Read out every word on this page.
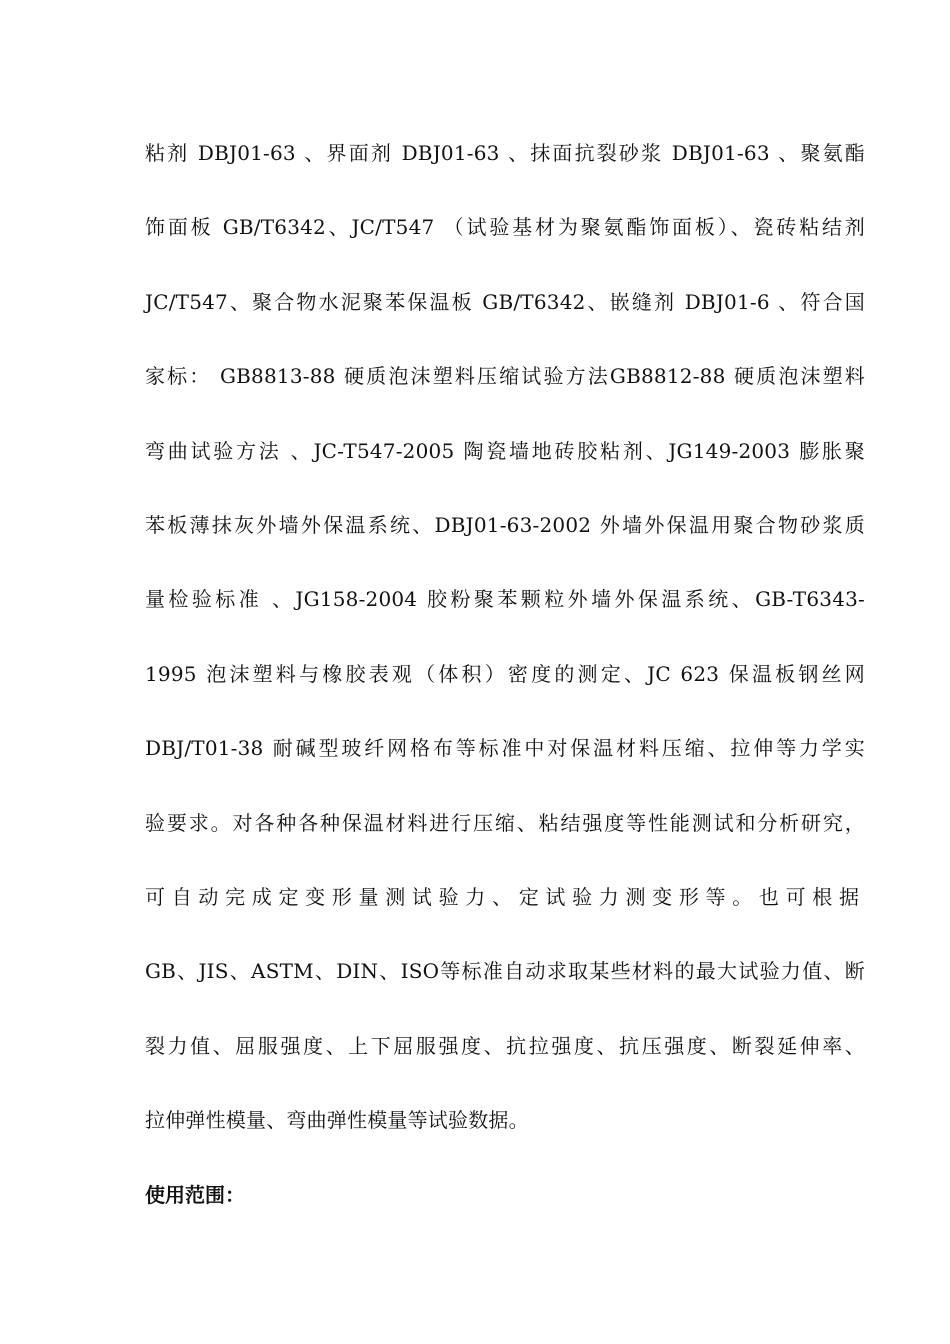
粘剂 DBJ01-63 、界面剂 DBJ01-63 、抹面抗裂砂浆 DBJ01-63 、聚氨酯
饰面板 GB/T6342、JC/T547 （试验基材为聚氨酯饰面板）、瓷砖粘结剂
JC/T547、聚合物水泥聚苯保温板 GB/T6342、嵌缝剂 DBJ01-6 、符合国
家标： GB8813-88 硬质泡沫塑料压缩试验方法GB8812-88 硬质泡沫塑料
弯曲试验方法 、JC-T547-2005 陶瓷墙地砖胶粘剂、JG149-2003 膨胀聚
苯板薄抹灰外墙外保温系统、DBJ01-63-2002 外墙外保温用聚合物砂浆质
量检验标准 、JG158-2004 胶粉聚苯颗粒外墙外保温系统、GB-T6343-
1995 泡沫塑料与橡胶表观（体积）密度的测定、JC 623 保温板钢丝网
DBJ/T01-38 耐碱型玻纤网格布等标准中对保温材料压缩、拉伸等力学实
验要求。对各种各种保温材料进行压缩、粘结强度等性能测试和分析研究，
可自动完成定变形量测试验力、定试验力测变形等。也可根据
GB、JIS、ASTM、DIN、ISO等标准自动求取某些材料的最大试验力值、断
裂力值、屈服强度、上下屈服强度、抗拉强度、抗压强度、断裂延伸率、
拉伸弹性模量、弯曲弹性模量等试验数据。
使用范围：
